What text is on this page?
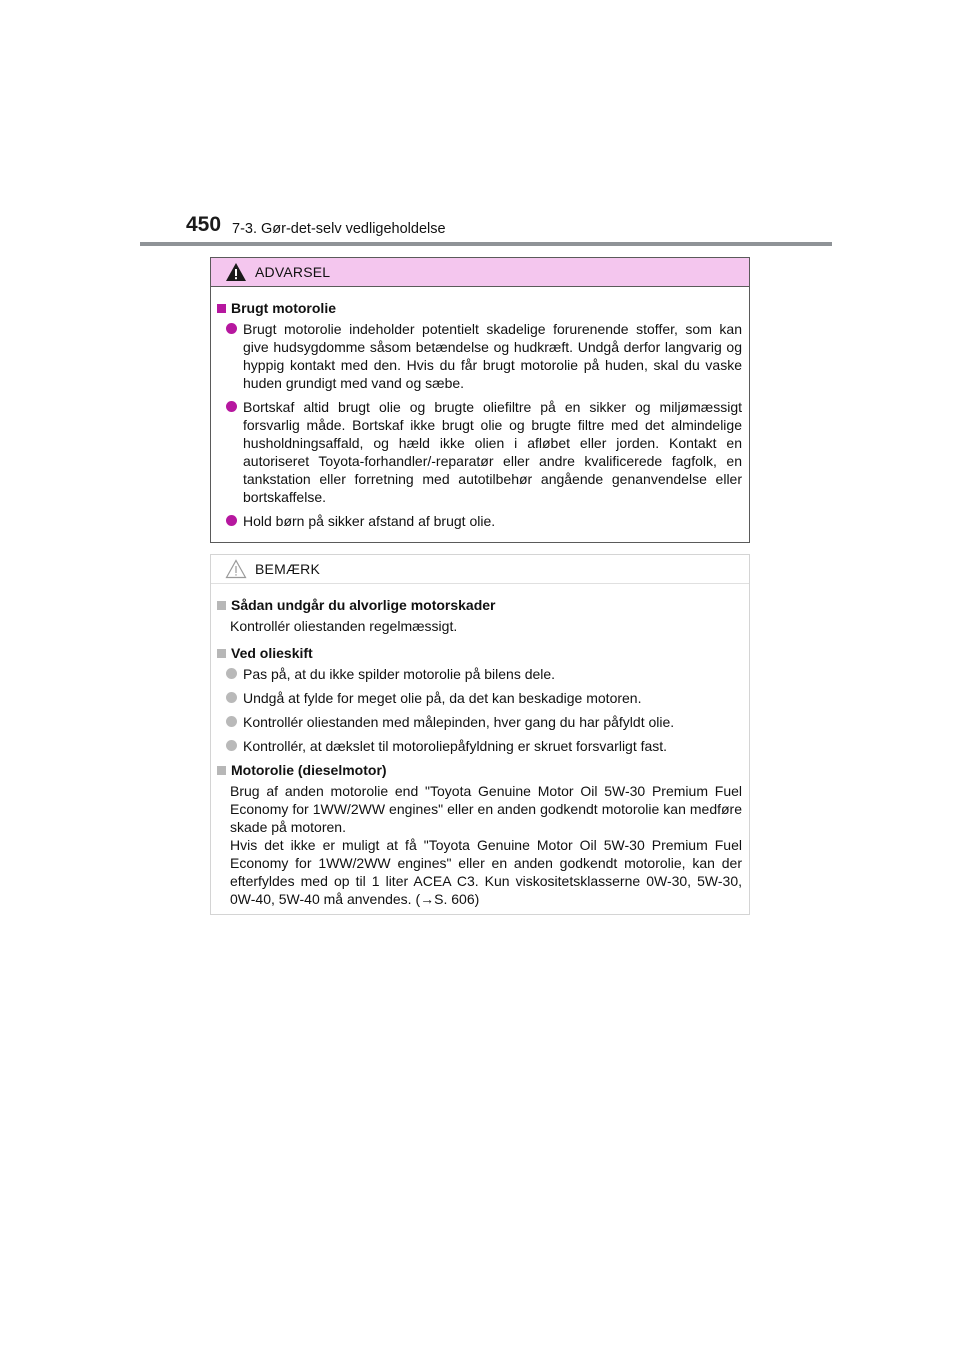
450 7-3. Gør-det-selv vedligeholdelse
ADVARSEL
Brugt motorolie
Brugt motorolie indeholder potentielt skadelige forurenende stoffer, som kan give hudsygdomme såsom betændelse og hudkræft. Undgå derfor langvarig og hyppig kontakt med den. Hvis du får brugt motorolie på huden, skal du vaske huden grundigt med vand og sæbe.
Bortskaf altid brugt olie og brugte oliefiltre på en sikker og miljømæssigt forsvarlig måde. Bortskaf ikke brugt olie og brugte filtre med det almindelige husholdningsaffald, og hæld ikke olien i afløbet eller jorden. Kontakt en autoriseret Toyota-forhandler/-reparatør eller andre kvalificerede fagfolk, en tankstation eller forretning med autotilbehør angående genanvendelse eller bortskaffelse.
Hold børn på sikker afstand af brugt olie.
BEMÆRK
Sådan undgår du alvorlige motorskader
Kontrollér oliestanden regelmæssigt.
Ved olieskift
Pas på, at du ikke spilder motorolie på bilens dele.
Undgå at fylde for meget olie på, da det kan beskadige motoren.
Kontrollér oliestanden med målepinden, hver gang du har påfyldt olie.
Kontrollér, at dækslet til motoroliepåfyldning er skruet forsvarligt fast.
Motorolie (dieselmotor)
Brug af anden motorolie end "Toyota Genuine Motor Oil 5W-30 Premium Fuel Economy for 1WW/2WW engines" eller en anden godkendt motorolie kan medføre skade på motoren.
Hvis det ikke er muligt at få "Toyota Genuine Motor Oil 5W-30 Premium Fuel Economy for 1WW/2WW engines" eller en anden godkendt motorolie, kan der efterfyldes med op til 1 liter ACEA C3. Kun viskositetsklasserne 0W-30, 5W-30, 0W-40, 5W-40 må anvendes. (→S. 606)
